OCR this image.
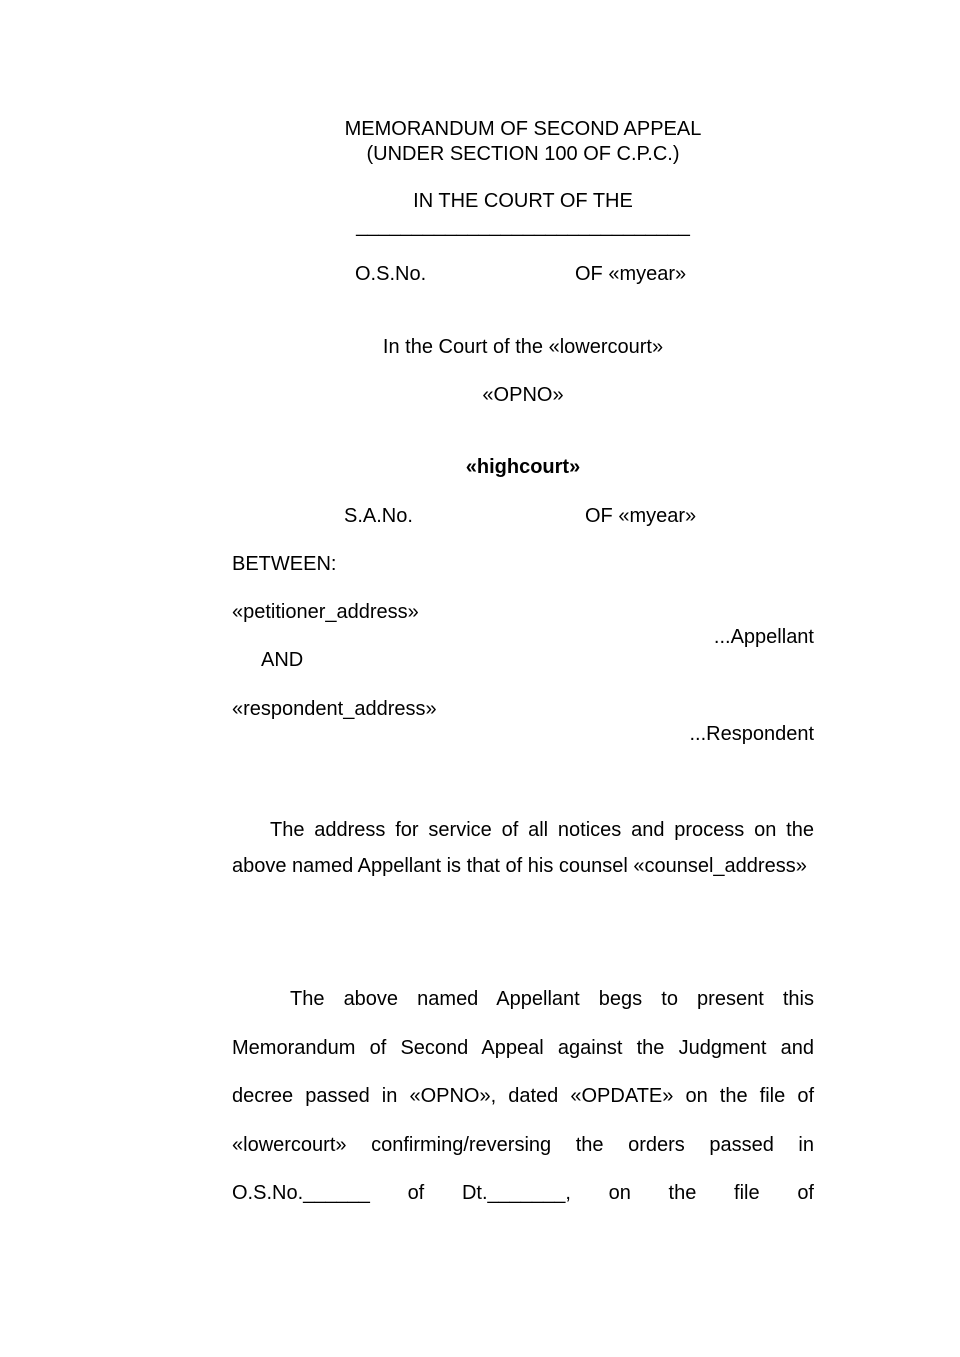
MEMORANDUM OF SECOND APPEAL
(UNDER SECTION 100 OF C.P.C.)
IN THE COURT OF THE
______________________________
O.S.No.	OF «myear»
In the Court of the «lowercourt»
«OPNO»
«highcourt»
S.A.No.	OF «myear»
BETWEEN:
«petitioner_address»
...Appellant
AND
«respondent_address»
...Respondent
The address for service of all notices and process on the above named Appellant is that of his counsel «counsel_address»
The above named Appellant begs to present this Memorandum of Second Appeal against the Judgment and decree passed in «OPNO», dated «OPDATE» on the file of «lowercourt» confirming/reversing the orders passed in
O.S.No.______ of Dt._______, on the file of
